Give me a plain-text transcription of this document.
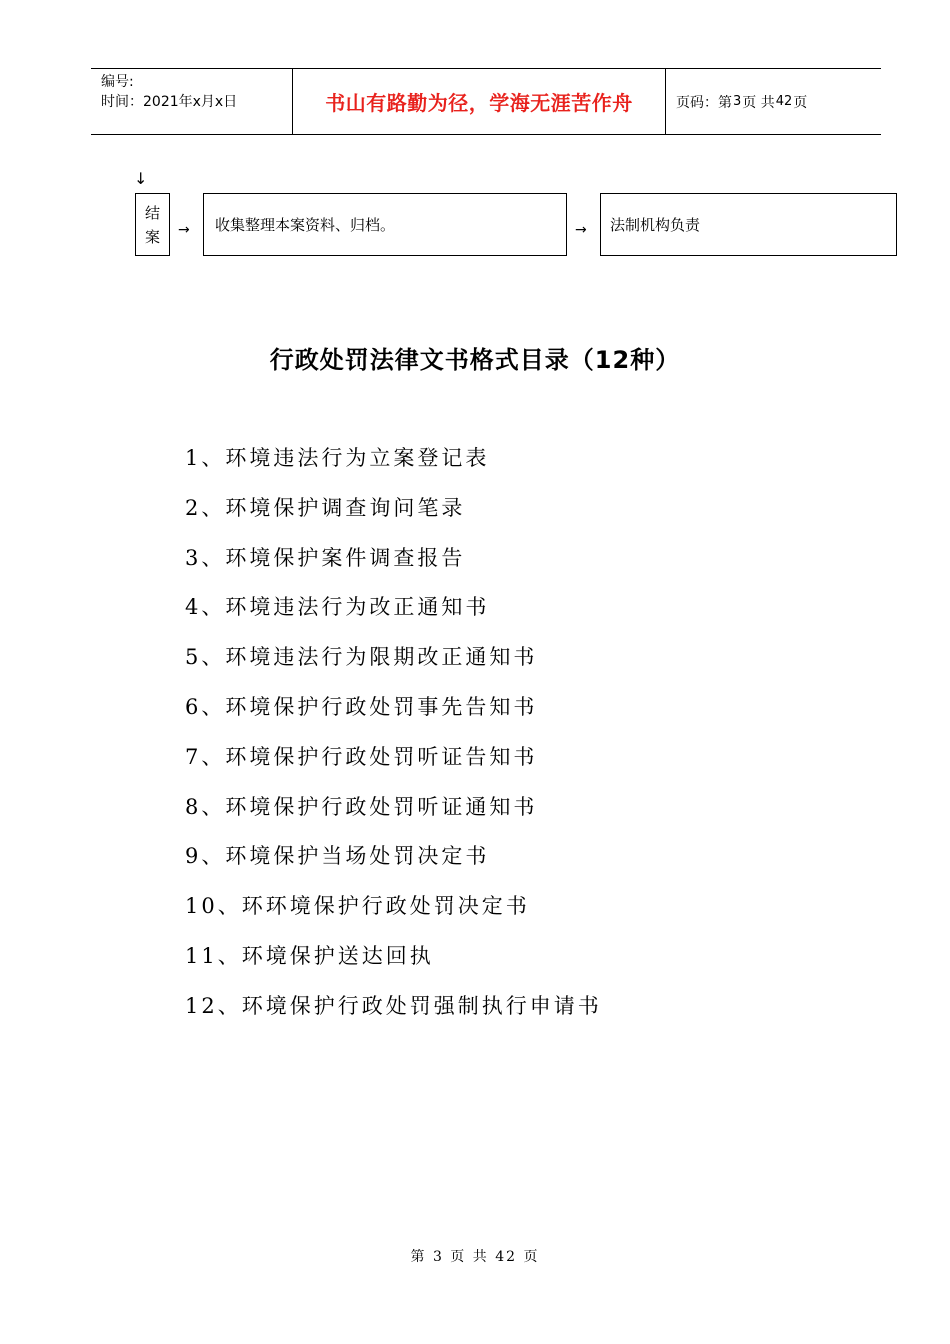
编号:
时间：2021年x月x日	书山有路勤为径，学海无涯苦作舟	页码：第 3 页 共 42 页
↓
结
案 → 收集整理本案资料、归档。	→ 法制机构负责
行政处罚法律文书格式目录（12种）
1、环境违法行为立案登记表
2、环境保护调查询问笔录
3、环境保护案件调查报告
4、环境违法行为改正通知书
5、环境违法行为限期改正通知书
6、环境保护行政处罚事先告知书
7、环境保护行政处罚听证告知书
8、环境保护行政处罚听证通知书
9、环境保护当场处罚决定书
10、环环境保护行政处罚决定书
11、环境保护送达回执
12、环境保护行政处罚强制执行申请书
第 3 页 共 42 页
